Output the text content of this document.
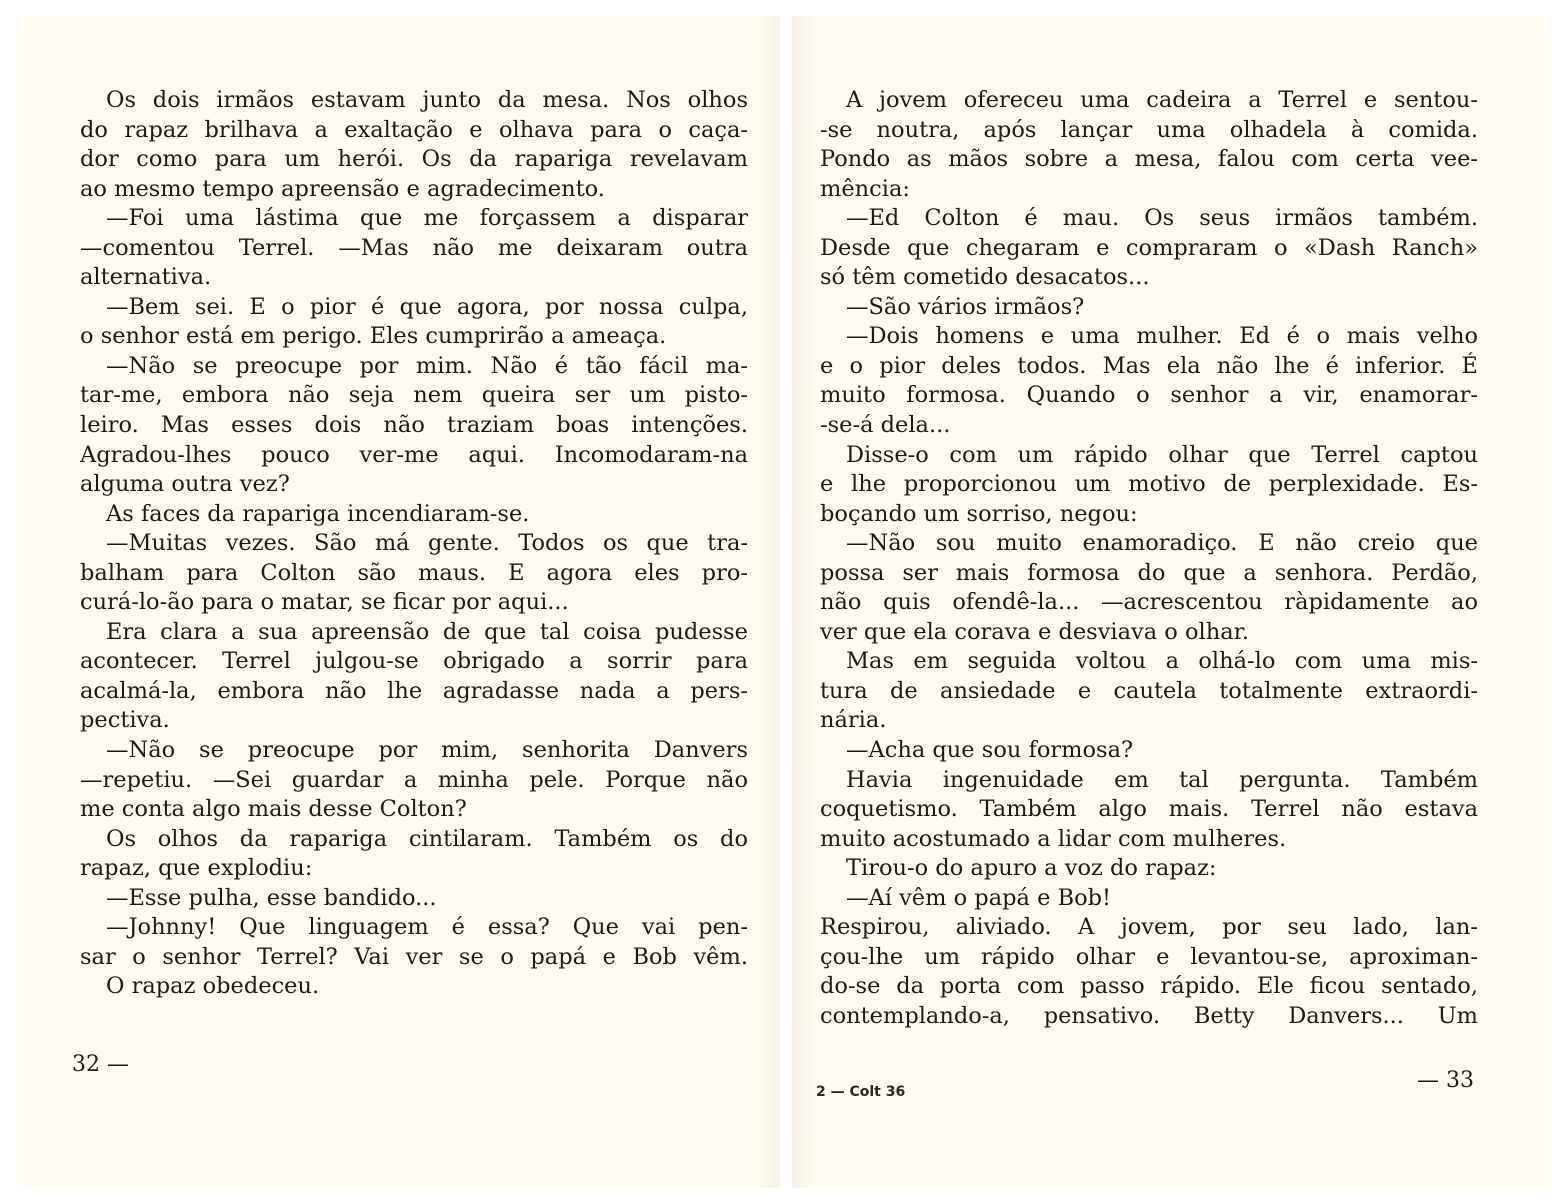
Os dois irmãos estavam junto da mesa. Nos olhos
do rapaz brilhava a exaltação e olhava para o caça-
dor como para um herói. Os da rapariga revelavam
ao mesmo tempo apreensão e agradecimento.
—Foi uma lástima que me forçassem a disparar
—comentou Terrel. —Mas não me deixaram outra
alternativa.
—Bem sei. E o pior é que agora, por nossa culpa,
o senhor está em perigo. Eles cumprirão a ameaça.
—Não se preocupe por mim. Não é tão fácil ma-
tar-me, embora não seja nem queira ser um pisto-
leiro. Mas esses dois não traziam boas intenções.
Agradou-lhes pouco ver-me aqui. Incomodaram-na
alguma outra vez?
As faces da rapariga incendiaram-se.
—Muitas vezes. São má gente. Todos os que tra-
balham para Colton são maus. E agora eles pro-
curá-lo-ão para o matar, se ficar por aqui...
Era clara a sua apreensão de que tal coisa pudesse
acontecer. Terrel julgou-se obrigado a sorrir para
acalmá-la, embora não lhe agradasse nada a pers-
pectiva.
—Não se preocupe por mim, senhorita Danvers
—repetiu. —Sei guardar a minha pele. Porque não
me conta algo mais desse Colton?
Os olhos da rapariga cintilaram. Também os do
rapaz, que explodiu:
—Esse pulha, esse bandido...
—Johnny! Que linguagem é essa? Que vai pen-
sar o senhor Terrel? Vai ver se o papá e Bob vêm.
O rapaz obedeceu.
32 —
A jovem ofereceu uma cadeira a Terrel e sentou-
-se noutra, após lançar uma olhadela à comida.
Pondo as mãos sobre a mesa, falou com certa vee-
mência:
—Ed Colton é mau. Os seus irmãos também.
Desde que chegaram e compraram o «Dash Ranch»
só têm cometido desacatos...
—São vários irmãos?
—Dois homens e uma mulher. Ed é o mais velho
e o pior deles todos. Mas ela não lhe é inferior. É
muito formosa. Quando o senhor a vir, enamorar-
-se-á dela...
Disse-o com um rápido olhar que Terrel captou
e lhe proporcionou um motivo de perplexidade. Es-
boçando um sorriso, negou:
—Não sou muito enamoradiço. E não creio que
possa ser mais formosa do que a senhora. Perdão,
não quis ofendê-la... —acrescentou ràpidamente ao
ver que ela corava e desviava o olhar.
Mas em seguida voltou a olhá-lo com uma mis-
tura de ansiedade e cautela totalmente extraordi-
nária.
—Acha que sou formosa?
Havia ingenuidade em tal pergunta. Também
coquetismo. Também algo mais. Terrel não estava
muito acostumado a lidar com mulheres.
Tirou-o do apuro a voz do rapaz:
—Aí vêm o papá e Bob!
Respirou, aliviado. A jovem, por seu lado, lan-
çou-lhe um rápido olhar e levantou-se, aproximan-
do-se da porta com passo rápido. Ele ficou sentado,
contemplando-a, pensativo. Betty Danvers... Um
2 — Colt 36	— 33
